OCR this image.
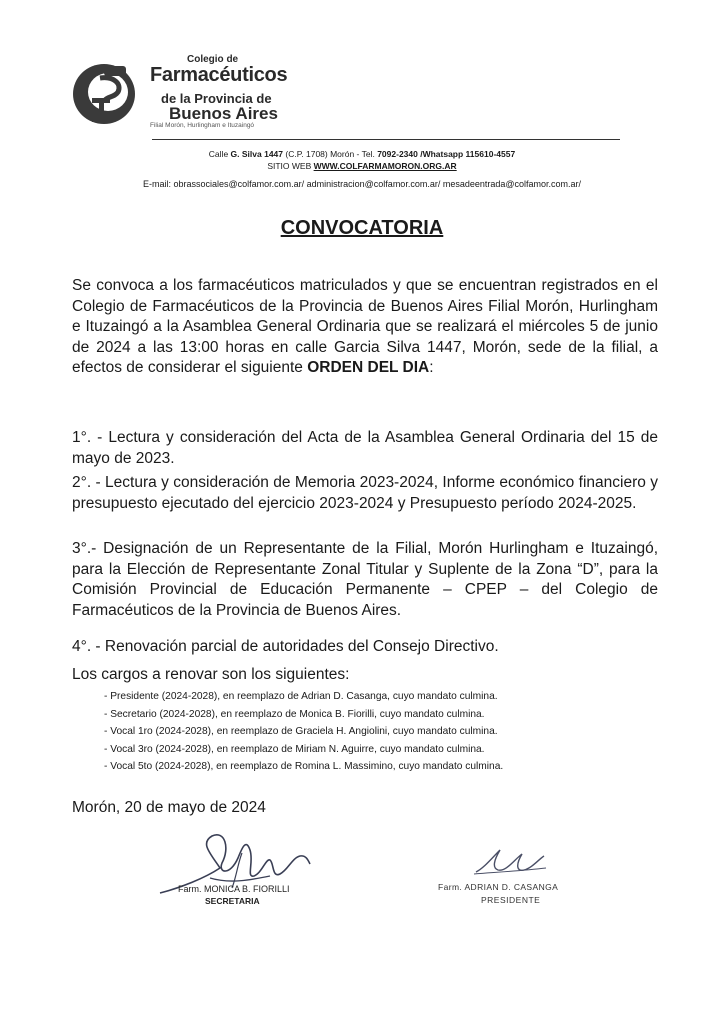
Colegio de
Farmacéuticos
de la Provincia de
Buenos Aires
Filial Morón, Hurlingham e Ituzaingó
Calle G. Silva 1447 (C.P. 1708) Morón - Tel. 7092-2340 /Whatsapp 115610-4557
SITIO WEB WWW.COLFARMAMORON.ORG.AR
E-mail: obrassociales@colfamor.com.ar/ administracion@colfamor.com.ar/ mesadeentrada@colfamor.com.ar/
CONVOCATORIA
Se convoca a los farmacéuticos matriculados y que se encuentran registrados en el Colegio de Farmacéuticos de la Provincia de Buenos Aires Filial Morón, Hurlingham e Ituzaingó a la Asamblea General Ordinaria que se realizará el miércoles 5 de junio de 2024 a las 13:00 horas en calle Garcia Silva 1447, Morón, sede de la filial, a efectos de considerar el siguiente ORDEN DEL DIA:
1°. - Lectura y consideración del Acta de la Asamblea General Ordinaria del 15 de mayo de 2023.
2°. - Lectura y consideración de Memoria 2023-2024, Informe económico financiero y presupuesto ejecutado del ejercicio 2023-2024 y Presupuesto período 2024-2025.
3°.- Designación de un Representante de la Filial, Morón Hurlingham e Ituzaingó, para la Elección de Representante Zonal Titular y Suplente de la Zona “D”, para la Comisión Provincial de Educación Permanente – CPEP – del Colegio de Farmacéuticos de la Provincia de Buenos Aires.
4°. - Renovación parcial de autoridades del Consejo Directivo.
Los cargos a renovar son los siguientes:
- Presidente (2024-2028), en reemplazo de Adrian D. Casanga, cuyo mandato culmina.
- Secretario (2024-2028), en reemplazo de Monica B. Fiorilli, cuyo mandato culmina.
- Vocal 1ro (2024-2028), en reemplazo de Graciela H. Angiolini, cuyo mandato culmina.
- Vocal 3ro (2024-2028), en reemplazo de Miriam N. Aguirre, cuyo mandato culmina.
- Vocal 5to (2024-2028), en reemplazo de Romina L. Massimino, cuyo mandato culmina.
Morón, 20 de mayo de 2024
Farm. MONICA B. FIORILLI
SECRETARIA
Farm. ADRIAN D. CASANGA
PRESIDENTE
